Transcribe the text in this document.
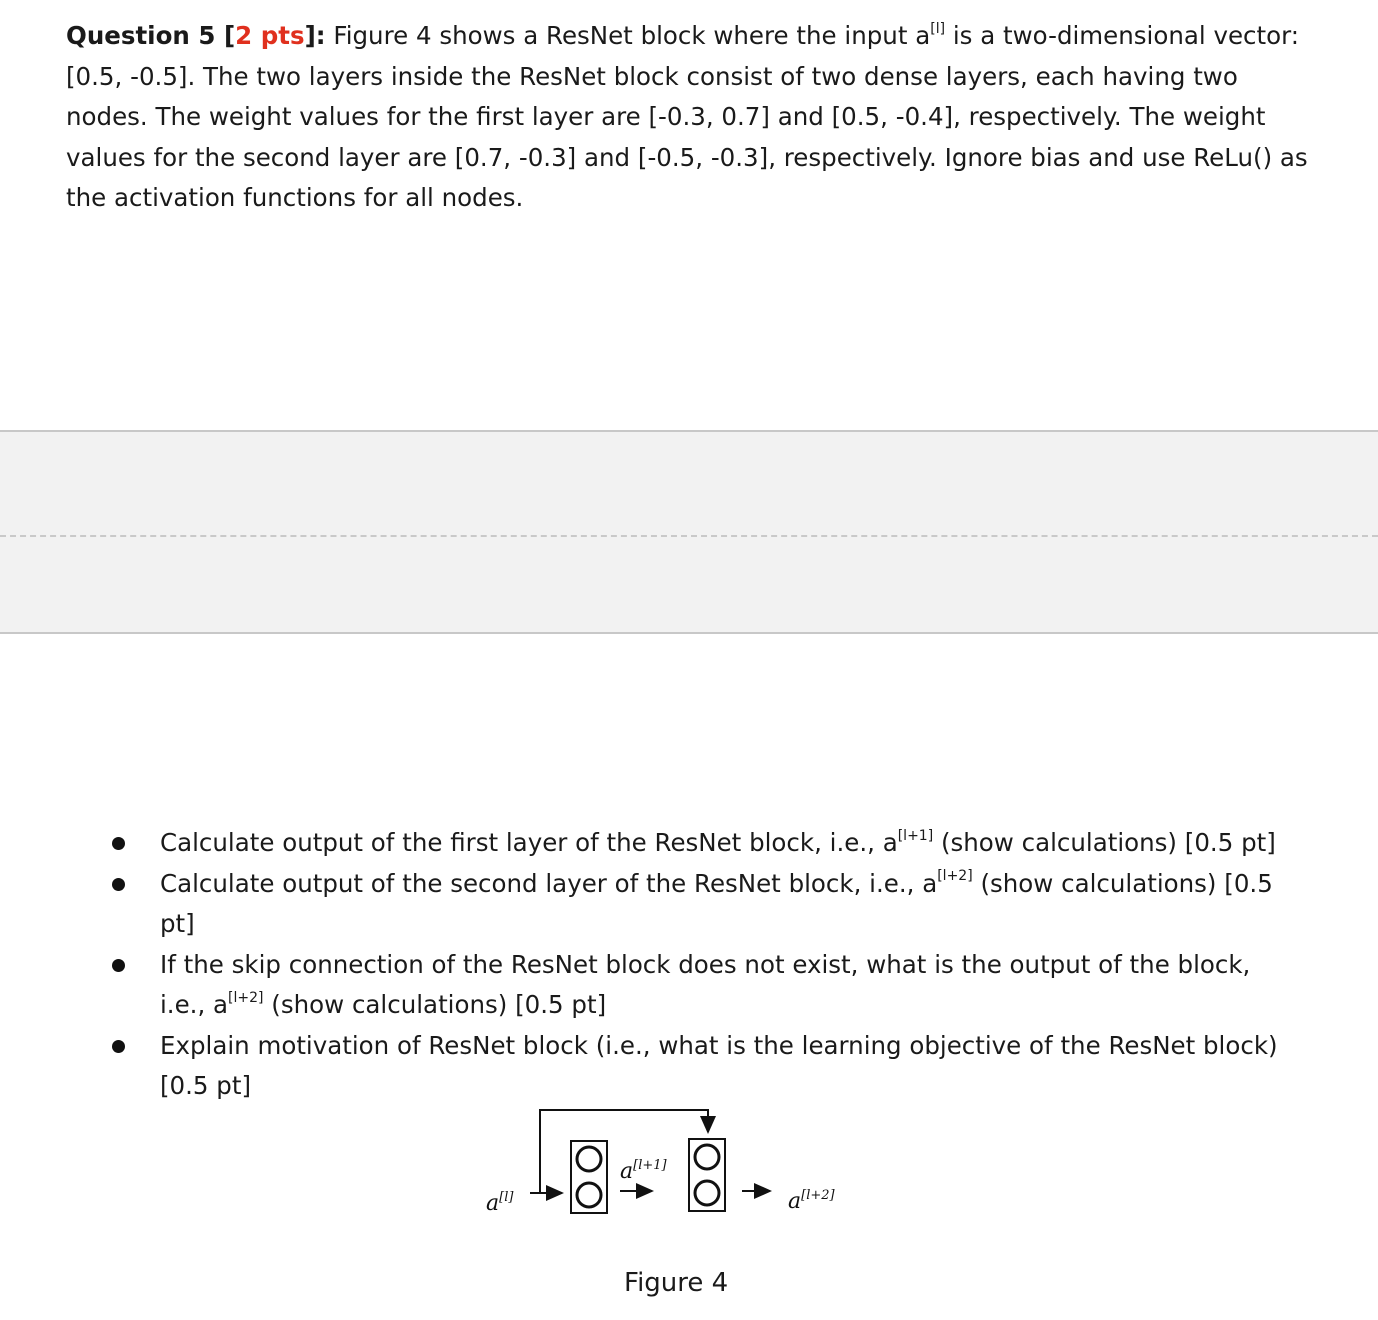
Question 5 [2 pts]: Figure 4 shows a ResNet block where the input a[l] is a two-dimensional vector: [0.5, -0.5]. The two layers inside the ResNet block consist of two dense layers, each having two nodes. The weight values for the first layer are [-0.3, 0.7] and [0.5, -0.4], respectively. The weight values for the second layer are [0.7, -0.3] and [-0.5, -0.3], respectively. Ignore bias and use ReLu() as the activation functions for all nodes.
Calculate output of the first layer of the ResNet block, i.e., a[l+1] (show calculations) [0.5 pt]
Calculate output of the second layer of the ResNet block, i.e., a[l+2] (show calculations) [0.5 pt]
If the skip connection of the ResNet block does not exist, what is the output of the block, i.e., a[l+2] (show calculations) [0.5 pt]
Explain motivation of ResNet block (i.e., what is the learning objective of the ResNet block) [0.5 pt]
a[l]
a[l+1]
a[l+2]
Figure 4
